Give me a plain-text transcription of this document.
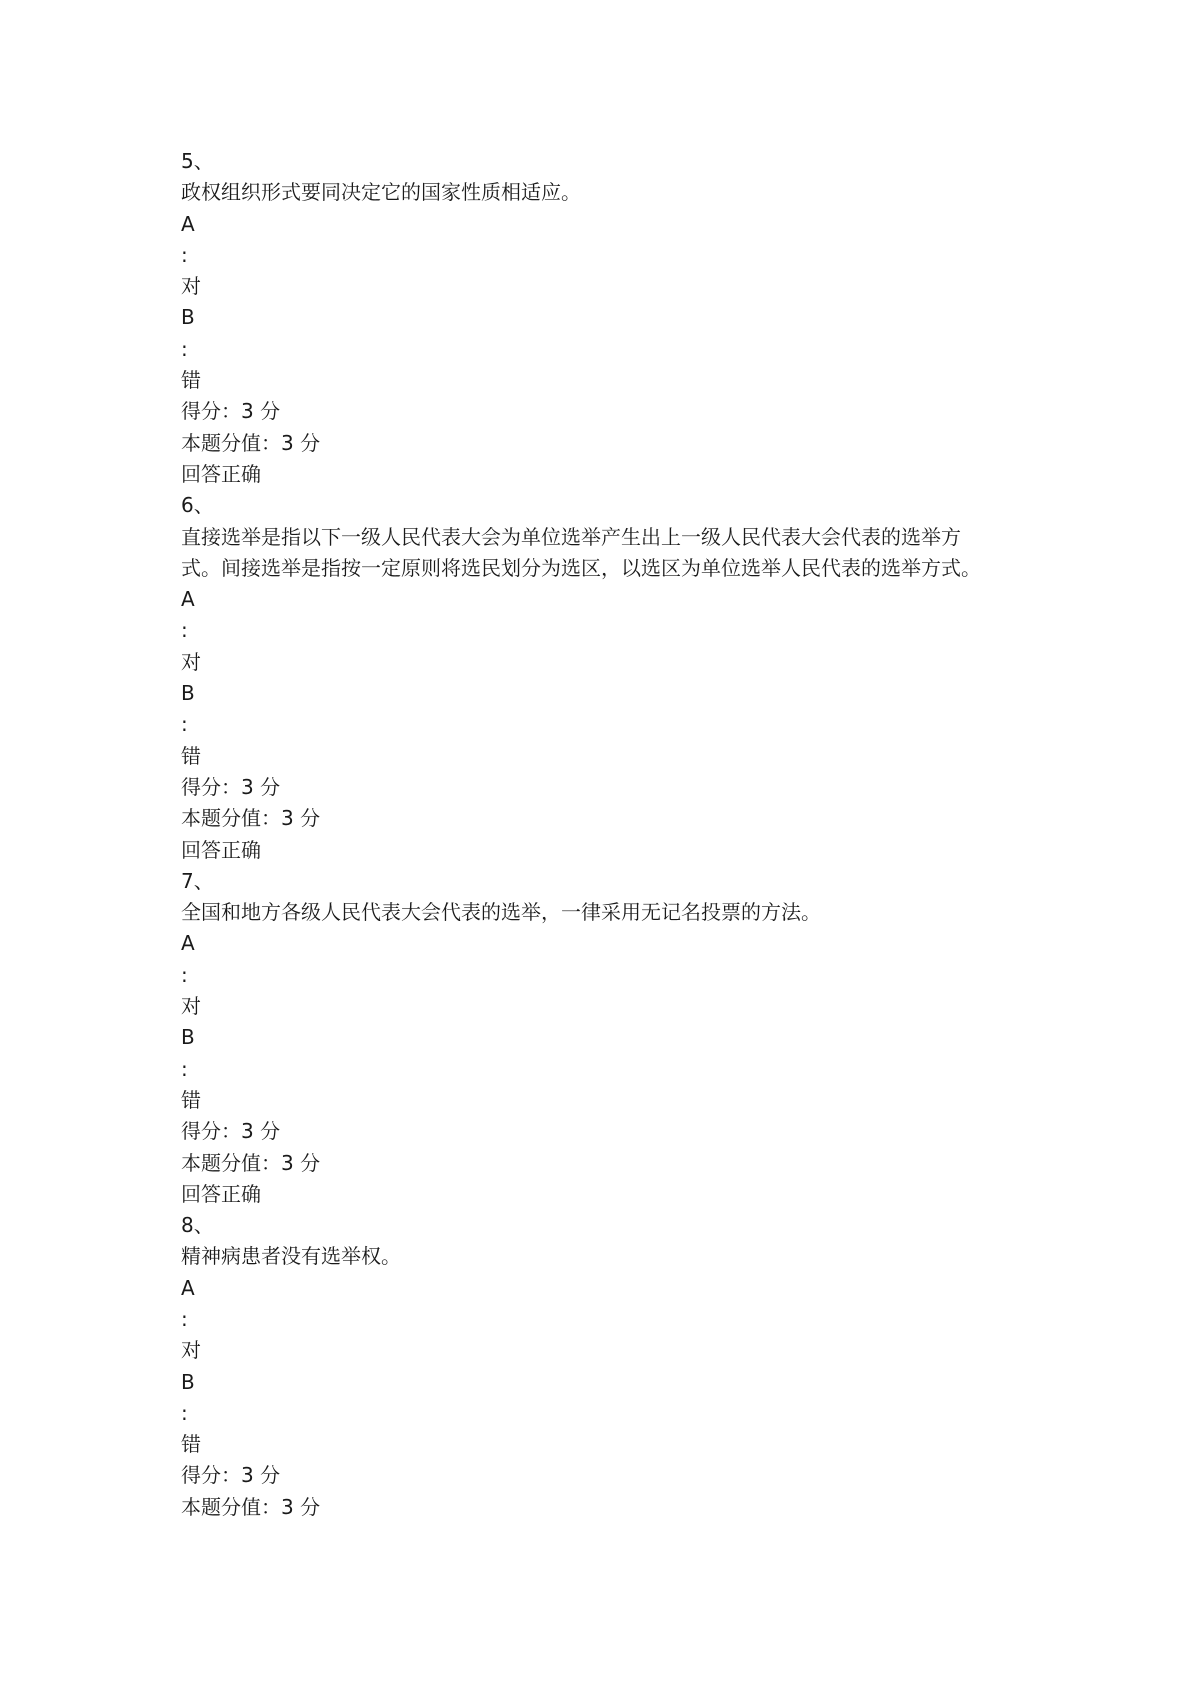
5、
政权组织形式要同决定它的国家性质相适应。
A
:
对
B
:
错
得分：3 分
本题分值：3 分
回答正确
6、
直接选举是指以下一级人民代表大会为单位选举产生出上一级人民代表大会代表的选举方
式。间接选举是指按一定原则将选民划分为选区，以选区为单位选举人民代表的选举方式。
A
:
对
B
:
错
得分：3 分
本题分值：3 分
回答正确
7、
全国和地方各级人民代表大会代表的选举，一律采用无记名投票的方法。
A
:
对
B
:
错
得分：3 分
本题分值：3 分
回答正确
8、
精神病患者没有选举权。
A
:
对
B
:
错
得分：3 分
本题分值：3 分
